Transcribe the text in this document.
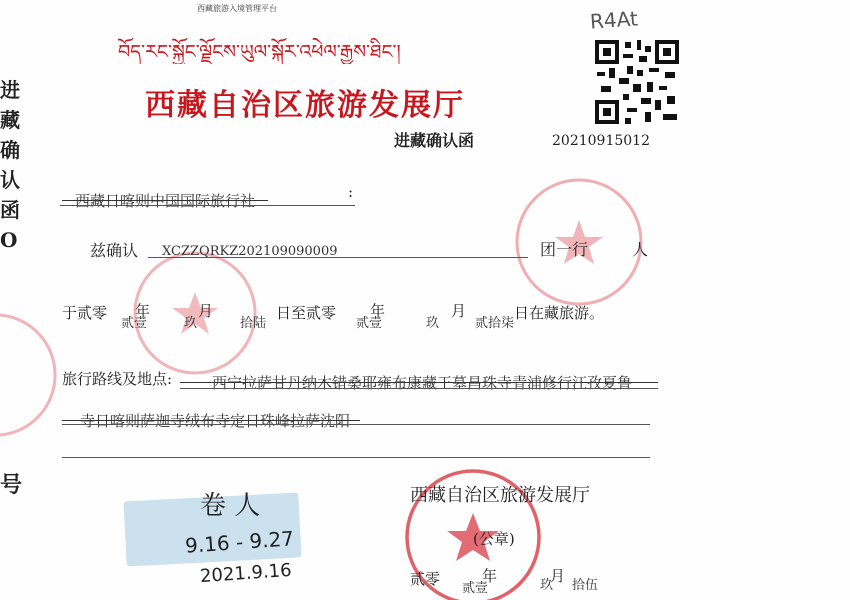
西藏旅游入境管理平台	R4At
བོད་རང་སྐྱོང་ལྗོངས་ཡུལ་སྐོར་འཕེལ་རྒྱས་ཐིང་།
西藏自治区旅游发展厅
进藏确认函	20210915012
进
藏
确
认
函
O
号
西藏日喀则中国国际旅行社	:
兹确认 XCZZQRKZ202109090009	团一行	人
于贰零
贰壹
年
玖
月
拾陆
日至贰零
贰壹
年
玖
月
贰拾柒
日在藏旅游。
旅行路线及地点:	西宁拉萨甘丹纳木错桑耶雍布康藏王墓昌珠寺青浦修行江孜夏鲁
寺日喀则萨迦寺绒布寺定日珠峰拉萨沈阳
卷 人
9.16 - 9.27
2021.9.16
西藏自治区旅游发展厅
(公章)
贰零
贰壹
年
玖
月
拾伍
